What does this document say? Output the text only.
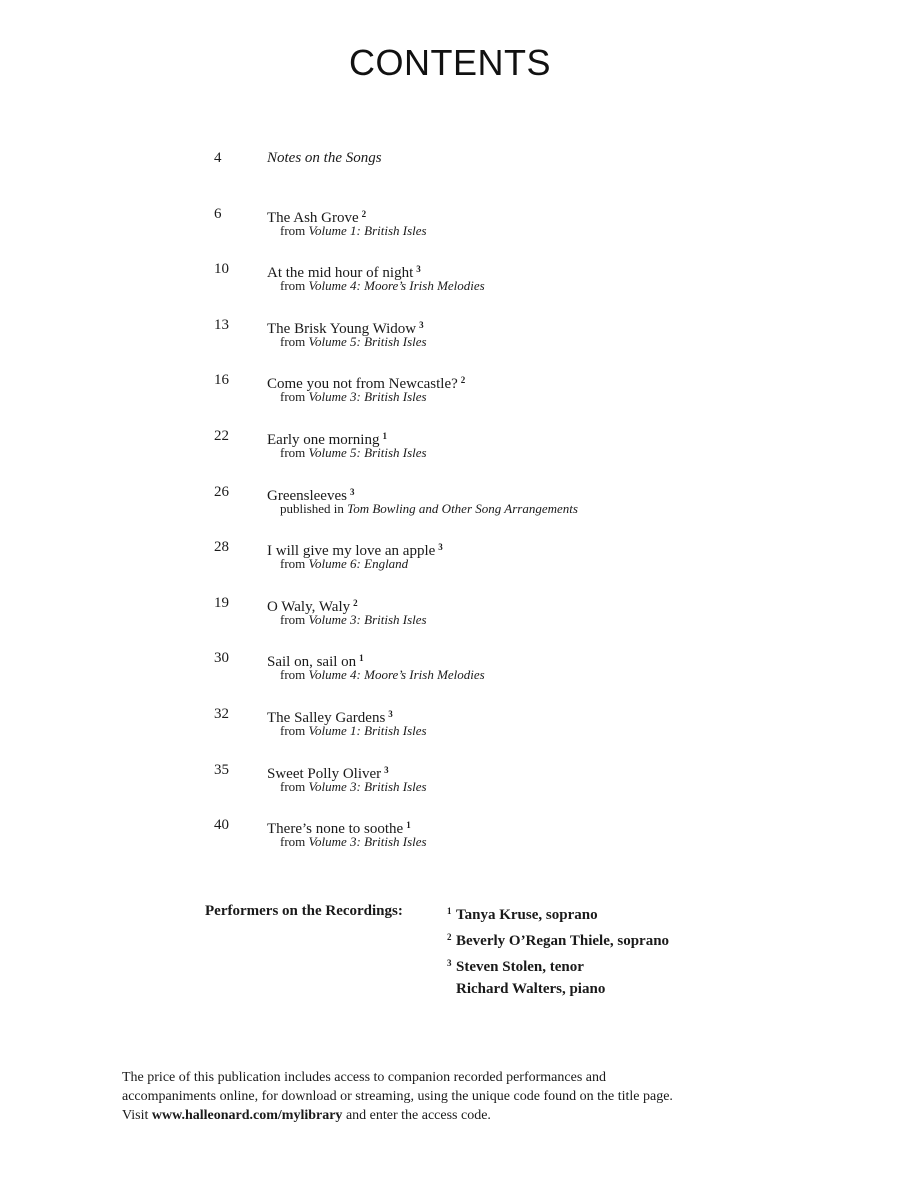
CONTENTS
4	Notes on the Songs
6	The Ash Grove $^2$
from Volume 1: British Isles
10	At the mid hour of night $^3$
from Volume 4: Moore’s Irish Melodies
13	The Brisk Young Widow $^3$
from Volume 5: British Isles
16	Come you not from Newcastle? $^2$
from Volume 3: British Isles
22	Early one morning $^1$
from Volume 5: British Isles
26	Greensleeves $^3$
published in Tom Bowling and Other Song Arrangements
28	I will give my love an apple $^3$
from Volume 6: England
19	O Waly, Waly $^2$
from Volume 3: British Isles
30	Sail on, sail on $^1$
from Volume 4: Moore’s Irish Melodies
32	The Salley Gardens $^3$
from Volume 1: British Isles
35	Sweet Polly Oliver $^3$
from Volume 3: British Isles
40	There’s none to soothe $^1$
from Volume 3: British Isles
Performers on the Recordings:	1 Tanya Kruse, soprano
2 Beverly O’Regan Thiele, soprano
3 Steven Stolen, tenor
Richard Walters, piano
The price of this publication includes access to companion recorded performances and
accompaniments online, for download or streaming, using the unique code found on the title page.
Visit www.halleonard.com/mylibrary and enter the access code.
